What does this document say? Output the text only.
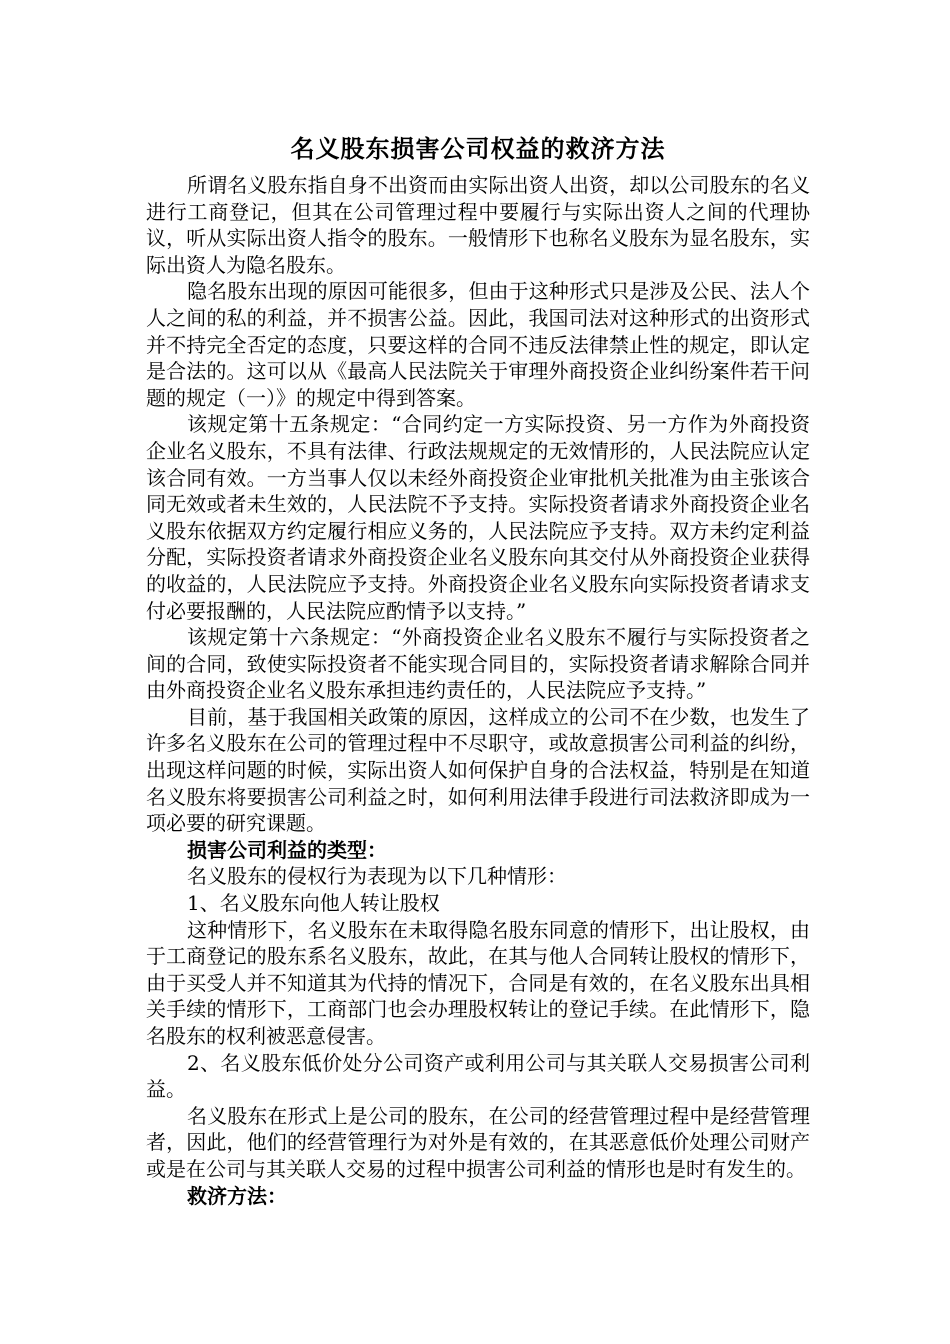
名义股东损害公司权益的救济方法

所谓名义股东指自身不出资而由实际出资人出资，却以公司股东的名义进行工商登记，但其在公司管理过程中要履行与实际出资人之间的代理协议，听从实际出资人指令的股东。一般情形下也称名义股东为显名股东，实际出资人为隐名股东。

隐名股东出现的原因可能很多，但由于这种形式只是涉及公民、法人个人之间的私的利益，并不损害公益。因此，我国司法对这种形式的出资形式并不持完全否定的态度，只要这样的合同不违反法律禁止性的规定，即认定是合法的。这可以从《最高人民法院关于审理外商投资企业纠纷案件若干问题的规定（一）》的规定中得到答案。

该规定第十五条规定：“合同约定一方实际投资、另一方作为外商投资企业名义股东，不具有法律、行政法规规定的无效情形的，人民法院应认定该合同有效。一方当事人仅以未经外商投资企业审批机关批准为由主张该合同无效或者未生效的，人民法院不予支持。实际投资者请求外商投资企业名义股东依据双方约定履行相应义务的，人民法院应予支持。双方未约定利益分配，实际投资者请求外商投资企业名义股东向其交付从外商投资企业获得的收益的，人民法院应予支持。外商投资企业名义股东向实际投资者请求支付必要报酬的，人民法院应酌情予以支持。”

该规定第十六条规定：“外商投资企业名义股东不履行与实际投资者之间的合同，致使实际投资者不能实现合同目的，实际投资者请求解除合同并由外商投资企业名义股东承担违约责任的，人民法院应予支持。”

目前，基于我国相关政策的原因，这样成立的公司不在少数，也发生了许多名义股东在公司的管理过程中不尽职守，或故意损害公司利益的纠纷，出现这样问题的时候，实际出资人如何保护自身的合法权益，特别是在知道名义股东将要损害公司利益之时，如何利用法律手段进行司法救济即成为一项必要的研究课题。

损害公司利益的类型：

名义股东的侵权行为表现为以下几种情形：

1、名义股东向他人转让股权

这种情形下，名义股东在未取得隐名股东同意的情形下，出让股权，由于工商登记的股东系名义股东，故此，在其与他人合同转让股权的情形下，由于买受人并不知道其为代持的情况下，合同是有效的，在名义股东出具相关手续的情形下，工商部门也会办理股权转让的登记手续。在此情形下，隐名股东的权利被恶意侵害。

2、名义股东低价处分公司资产或利用公司与其关联人交易损害公司利益。

名义股东在形式上是公司的股东，在公司的经营管理过程中是经营管理者，因此，他们的经营管理行为对外是有效的，在其恶意低价处理公司财产或是在公司与其关联人交易的过程中损害公司利益的情形也是时有发生的。

救济方法：
